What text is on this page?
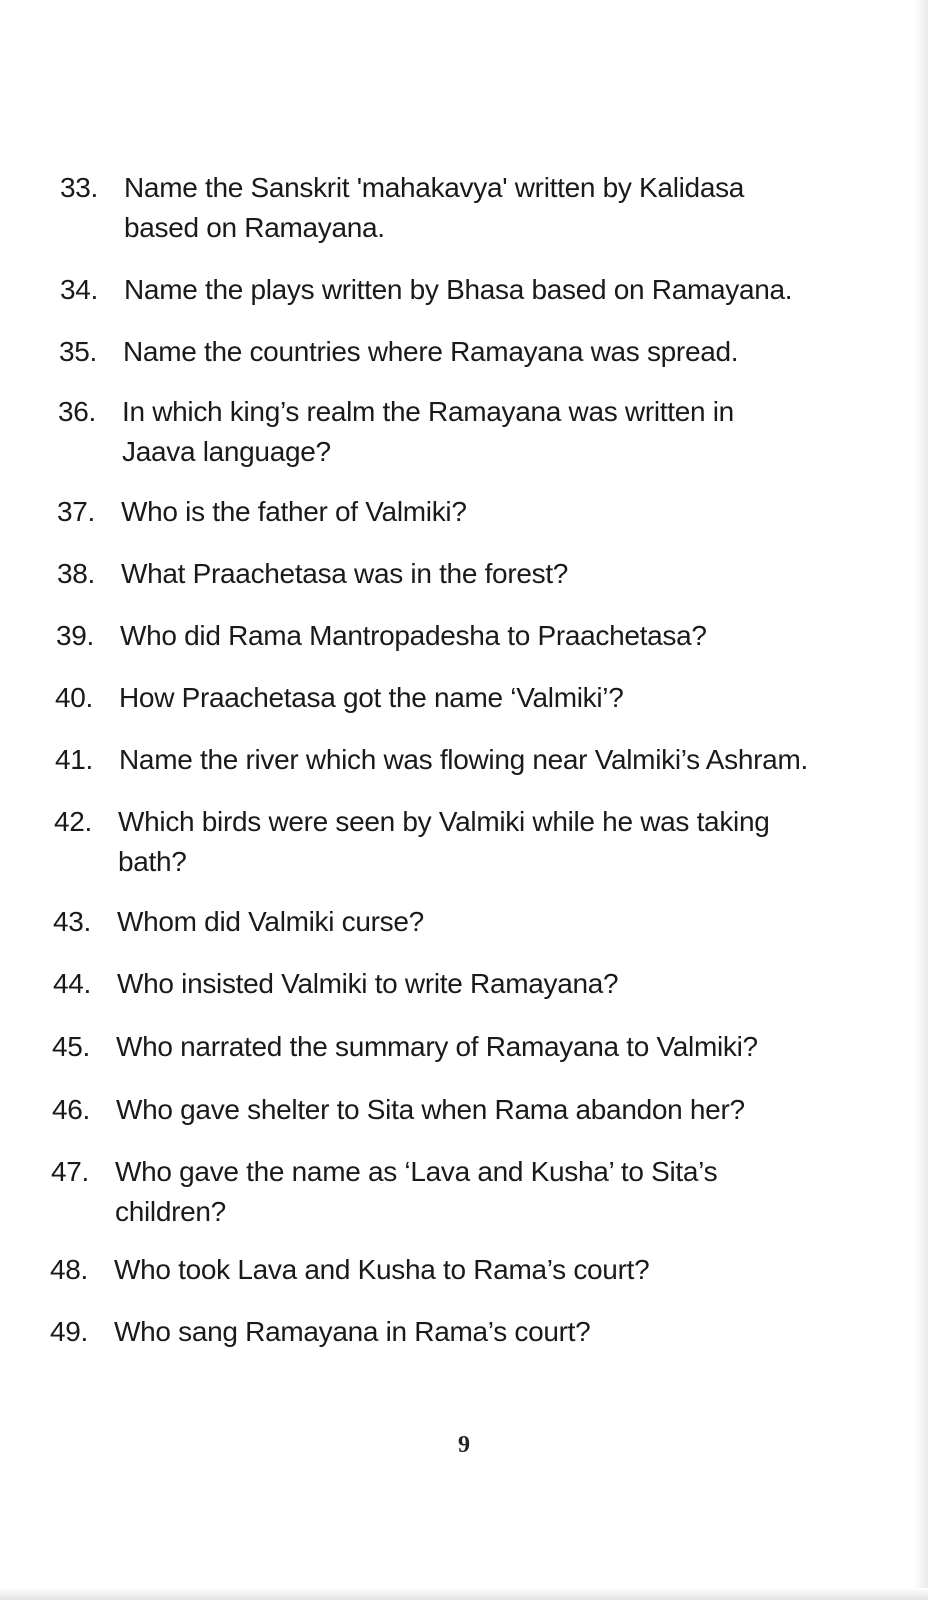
33. Name the Sanskrit 'mahakavya' written by Kalidasa based on Ramayana.
34. Name the plays written by Bhasa based on Ramayana.
35. Name the countries where Ramayana was spread.
36. In which king’s realm the Ramayana was written in Jaava language?
37. Who is the father of Valmiki?
38. What Praachetasa was in the forest?
39. Who did Rama Mantropadesha to Praachetasa?
40. How Praachetasa got the name ‘Valmiki’?
41. Name the river which was flowing near Valmiki’s Ashram.
42. Which birds were seen by Valmiki while he was taking bath?
43. Whom did Valmiki curse?
44. Who insisted Valmiki to write Ramayana?
45. Who narrated the summary of Ramayana to Valmiki?
46. Who gave shelter to Sita when Rama abandon her?
47. Who gave the name as ‘Lava and Kusha’ to Sita’s children?
48. Who took Lava and Kusha to Rama’s court?
49. Who sang Ramayana in Rama’s court?
9
